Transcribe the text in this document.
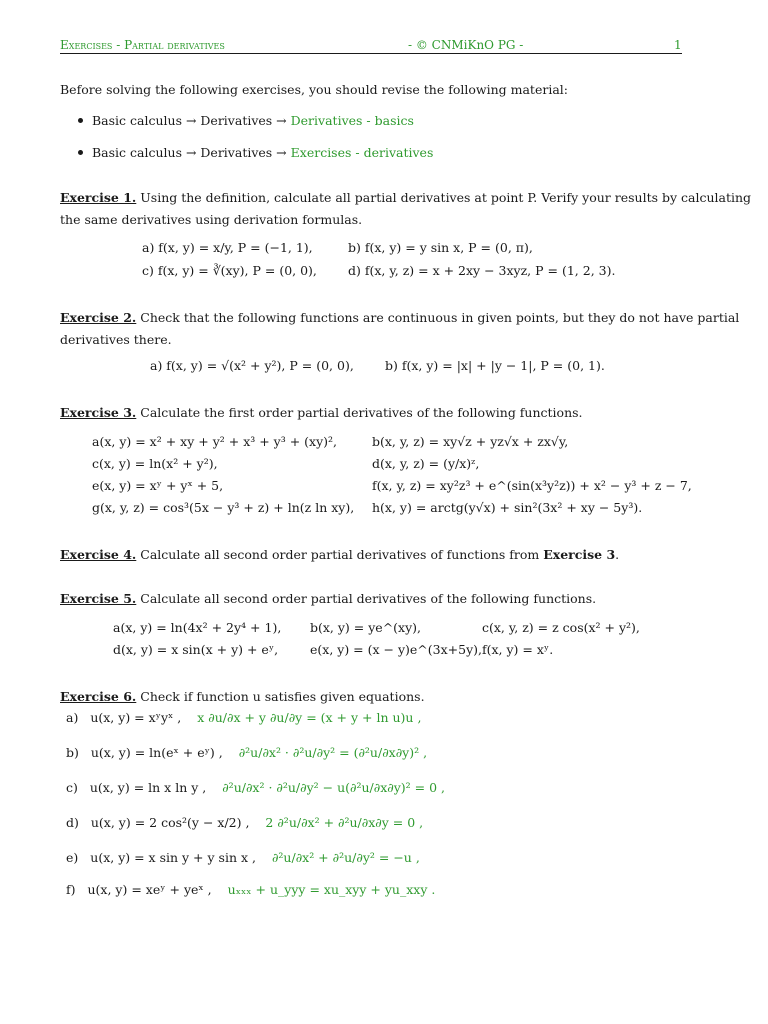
Exercises - Partial derivatives	- © CNMiKnO PG -	1
Before solving the following exercises, you should revise the following material:
Basic calculus → Derivatives → Derivatives - basics
Basic calculus → Derivatives → Exercises - derivatives
Exercise 1. Using the definition, calculate all partial derivatives at point P. Verify your results by calculating
the same derivatives using derivation formulas.
a) f(x, y) = x/y, P = (−1, 1),	b) f(x, y) = y sin x, P = (0, π),
c) f(x, y) = ∛(xy), P = (0, 0), d) f(x, y, z) = x + 2xy − 3xyz, P = (1, 2, 3).
Exercise 2. Check that the following functions are continuous in given points, but they do not have partial
derivatives there.
a) f(x, y) = √(x² + y²), P = (0, 0), b) f(x, y) = |x| + |y − 1|, P = (0, 1).
Exercise 3. Calculate the first order partial derivatives of the following functions.
a(x, y) = x² + xy + y² + x³ + y³ + (xy)²,	b(x, y, z) = xy√z + yz√x + zx√y,
c(x, y) = ln(x² + y²),	d(x, y, z) = (y/x)ᶻ,
e(x, y) = xʸ + yˣ + 5,	f(x, y, z) = xy²z³ + e^(sin(x³y²z)) + x² − y³ + z − 7,
g(x, y, z) = cos³(5x − y³ + z) + ln(z ln xy), h(x, y) = arctg(y√x) + sin²(3x² + xy − 5y³).
Exercise 4. Calculate all second order partial derivatives of functions from Exercise 3.
Exercise 5. Calculate all second order partial derivatives of the following functions.
a(x, y) = ln(4x² + 2y⁴ + 1), b(x, y) = ye^(xy),	c(x, y, z) = z cos(x² + y²),
d(x, y) = x sin(x + y) + eʸ,	e(x, y) = (x − y)e^(3x+5y), f(x, y) = xʸ.
Exercise 6. Check if function u satisfies given equations.
a) u(x, y) = xʸyˣ , x ∂u/∂x + y ∂u/∂y = (x + y + ln u)u ,
b) u(x, y) = ln(eˣ + eʸ) , ∂²u/∂x² · ∂²u/∂y² = (∂²u/∂x∂y)² ,
c) u(x, y) = ln x ln y , ∂²u/∂x² · ∂²u/∂y² − u(∂²u/∂x∂y)² = 0 ,
d) u(x, y) = 2 cos²(y − x/2) , 2 ∂²u/∂x² + ∂²u/∂x∂y = 0 ,
e) u(x, y) = x sin y + y sin x , ∂²u/∂x² + ∂²u/∂y² = −u ,
f) u(x, y) = xeʸ + yeˣ , uₓₓₓ + u_yyy = xu_xyy + yu_xxy .
